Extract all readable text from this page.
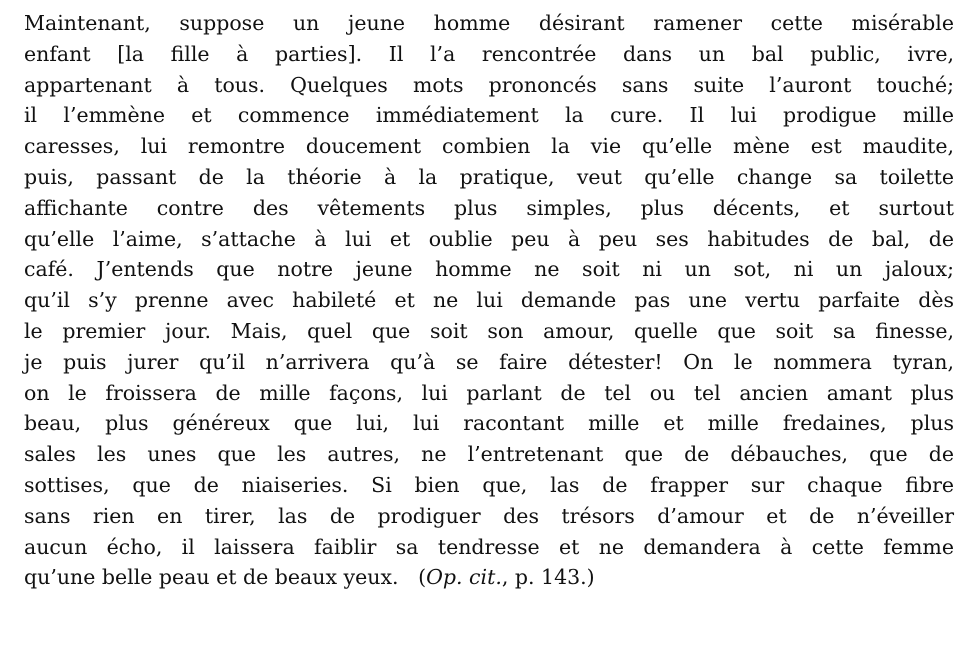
Maintenant, suppose un jeune homme désirant ramener cette misérable
enfant [la fille à parties]. Il l’a rencontrée dans un bal public, ivre,
appartenant à tous. Quelques mots prononcés sans suite l’auront touché;
il l’emmène et commence immédiatement la cure. Il lui prodigue mille
caresses, lui remontre doucement combien la vie qu’elle mène est maudite,
puis, passant de la théorie à la pratique, veut qu’elle change sa toilette
affichante contre des vêtements plus simples, plus décents, et surtout
qu’elle l’aime, s’attache à lui et oublie peu à peu ses habitudes de bal, de
café. J’entends que notre jeune homme ne soit ni un sot, ni un jaloux;
qu’il s’y prenne avec habileté et ne lui demande pas une vertu parfaite dès
le premier jour. Mais, quel que soit son amour, quelle que soit sa finesse,
je puis jurer qu’il n’arrivera qu’à se faire détester! On le nommera tyran,
on le froissera de mille façons, lui parlant de tel ou tel ancien amant plus
beau, plus généreux que lui, lui racontant mille et mille fredaines, plus
sales les unes que les autres, ne l’entretenant que de débauches, que de
sottises, que de niaiseries. Si bien que, las de frapper sur chaque fibre
sans rien en tirer, las de prodiguer des trésors d’amour et de n’éveiller
aucun écho, il laissera faiblir sa tendresse et ne demandera à cette femme
qu’une belle peau et de beaux yeux. (Op. cit., p. 143.)
